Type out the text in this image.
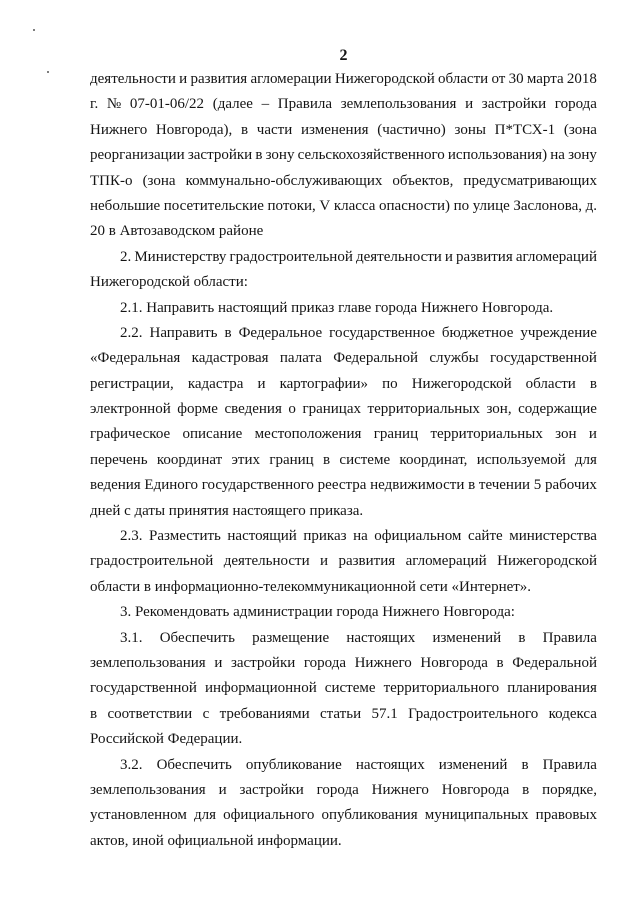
2
деятельности и развития агломерации Нижегородской области от 30 марта 2018
г. № 07-01-06/22 (далее – Правила землепользования и застройки города
Нижнего Новгорода), в части изменения (частично) зоны П*ТСХ-1 (зона
реорганизации застройки в зону сельскохозяйственного использования) на зону
ТПК-о (зона коммунально-обслуживающих объектов, предусматривающих
небольшие посетительские потоки, V класса опасности) по улице Заслонова, д.
20 в Автозаводском районе
2. Министерству градостроительной деятельности и развития агломераций
Нижегородской области:
2.1. Направить настоящий приказ главе города Нижнего Новгорода.
2.2. Направить в Федеральное государственное бюджетное учреждение
«Федеральная кадастровая палата Федеральной службы государственной
регистрации, кадастра и картографии» по Нижегородской области в
электронной форме сведения о границах территориальных зон, содержащие
графическое описание местоположения границ территориальных зон и
перечень координат этих границ в системе координат, используемой для
ведения Единого государственного реестра недвижимости в течении 5 рабочих
дней с даты принятия настоящего приказа.
2.3. Разместить настоящий приказ на официальном сайте министерства
градостроительной деятельности и развития агломераций Нижегородской
области в информационно-телекоммуникационной сети «Интернет».
3. Рекомендовать администрации города Нижнего Новгорода:
3.1. Обеспечить размещение настоящих изменений в Правила
землепользования и застройки города Нижнего Новгорода в Федеральной
государственной информационной системе территориального планирования
в соответствии с требованиями статьи 57.1 Градостроительного кодекса
Российской Федерации.
3.2. Обеспечить опубликование настоящих изменений в Правила
землепользования и застройки города Нижнего Новгорода в порядке,
установленном для официального опубликования муниципальных правовых
актов, иной официальной информации.
